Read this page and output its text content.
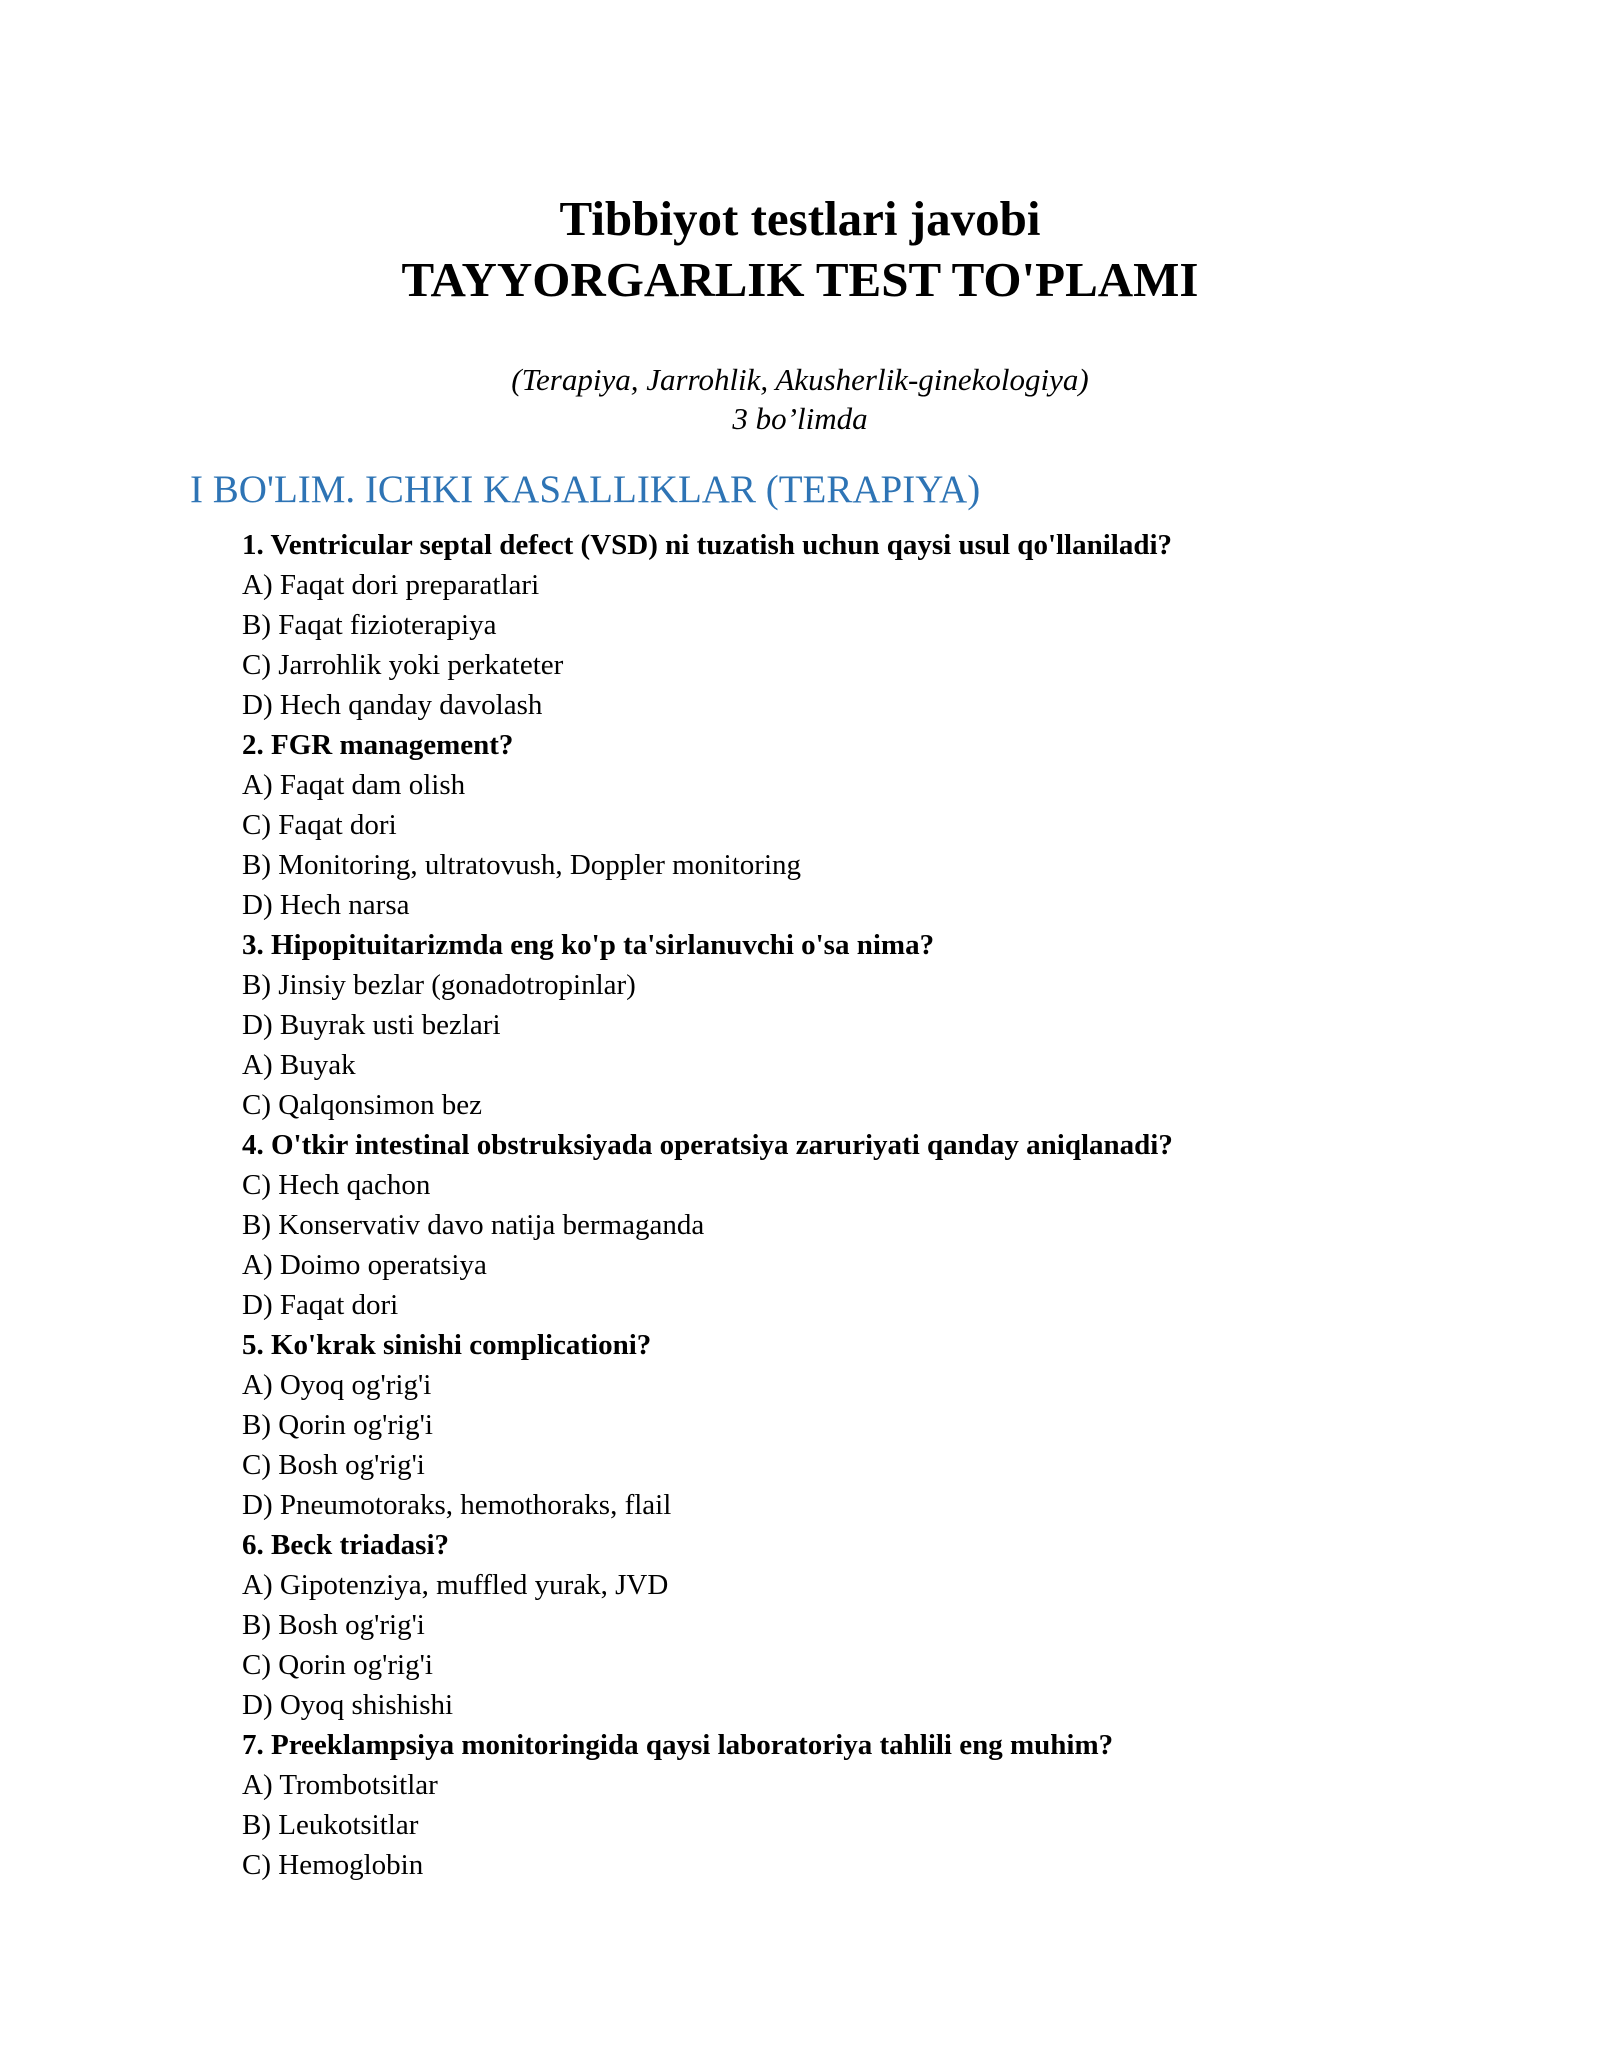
Tibbiyot testlari javobi
TAYYORGARLIK TEST TO'PLAMI
(Terapiya, Jarrohlik, Akusherlik-ginekologiya)
3 bo’limda
I BO'LIM. ICHKI KASALLIKLAR (TERAPIYA)
1. Ventricular septal defect (VSD) ni tuzatish uchun qaysi usul qo'llaniladi?
A) Faqat dori preparatlari
B) Faqat fizioterapiya
C) Jarrohlik yoki perkateter
D) Hech qanday davolash
2. FGR management?
A) Faqat dam olish
C) Faqat dori
B) Monitoring, ultratovush, Doppler monitoring
D) Hech narsa
3. Hipopituitarizmda eng ko'p ta'sirlanuvchi o'sa nima?
B) Jinsiy bezlar (gonadotropinlar)
D) Buyrak usti bezlari
A) Buyak
C) Qalqonsimon bez
4. O'tkir intestinal obstruksiyada operatsiya zaruriyati qanday aniqlanadi?
C) Hech qachon
B) Konservativ davo natija bermaganda
A) Doimo operatsiya
D) Faqat dori
5. Ko'krak sinishi complicationi?
A) Oyoq og'rig'i
B) Qorin og'rig'i
C) Bosh og'rig'i
D) Pneumotoraks, hemothoraks, flail
6. Beck triadasi?
A) Gipotenziya, muffled yurak, JVD
B) Bosh og'rig'i
C) Qorin og'rig'i
D) Oyoq shishishi
7. Preeklampsiya monitoringida qaysi laboratoriya tahlili eng muhim?
A) Trombotsitlar
B) Leukotsitlar
C) Hemoglobin
